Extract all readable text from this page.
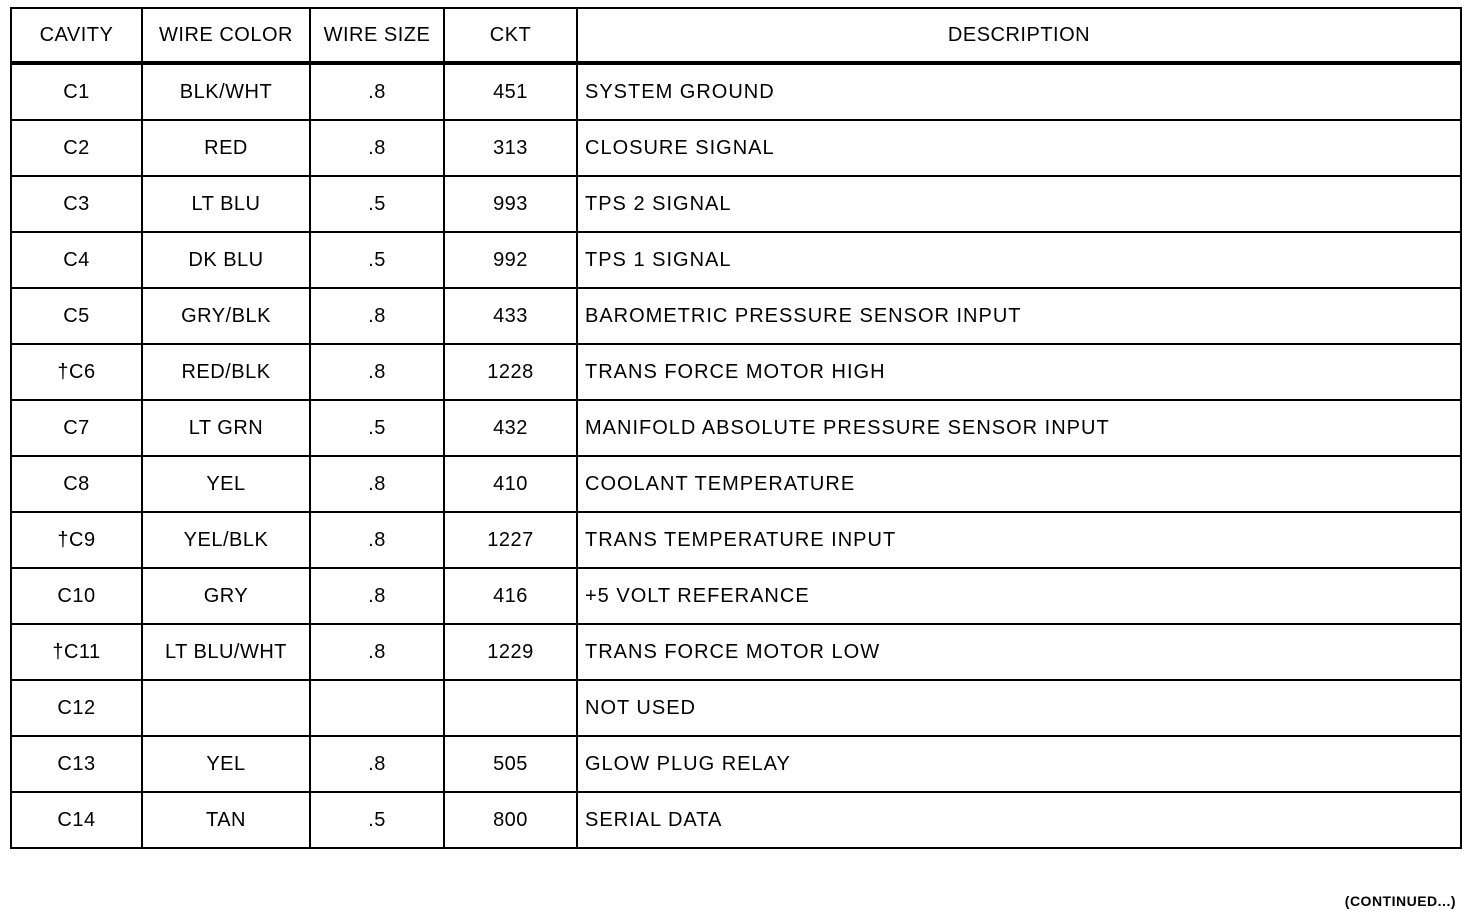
CAVITY	WIRE COLOR	WIRE SIZE	CKT	DESCRIPTION
C1	BLK/WHT	.8	451	SYSTEM GROUND
C2	RED	.8	313	CLOSURE SIGNAL
C3	LT BLU	.5	993	TPS 2 SIGNAL
C4	DK BLU	.5	992	TPS 1 SIGNAL
C5	GRY/BLK	.8	433	BAROMETRIC PRESSURE SENSOR INPUT
†C6	RED/BLK	.8	1228	TRANS FORCE MOTOR HIGH
C7	LT GRN	.5	432	MANIFOLD ABSOLUTE PRESSURE SENSOR INPUT
C8	YEL	.8	410	COOLANT TEMPERATURE
†C9	YEL/BLK	.8	1227	TRANS TEMPERATURE INPUT
C10	GRY	.8	416	+5 VOLT REFERANCE
†C11	LT BLU/WHT	.8	1229	TRANS FORCE MOTOR LOW
C12				NOT USED
C13	YEL	.8	505	GLOW PLUG RELAY
C14	TAN	.5	800	SERIAL DATA
(CONTINUED...)
